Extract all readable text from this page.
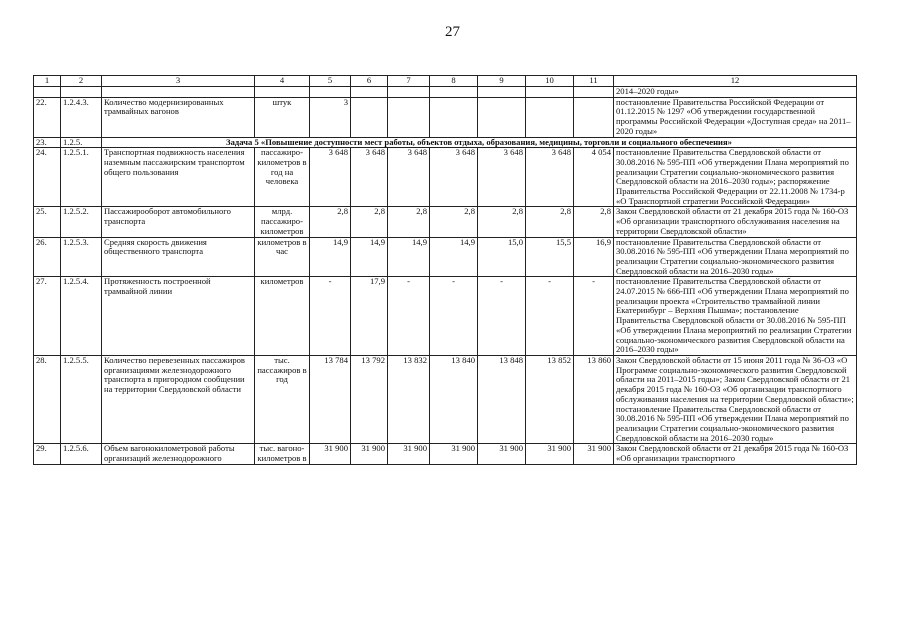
27
1	2	3	4	5	6	7	8	9	10	11	12
											2014–2020 годы»
22.	1.2.4.3.	Количество модернизированных трамвайных вагонов	штук	3							постановление Правительства Российской Федерации от 01.12.2015 № 1297 «Об утверждении государственной программы Российской Федерации «Доступная среда» на 2011–2020 годы»
23.	1.2.5.	Задача 5 «Повышение доступности мест работы, объектов отдыха, образования, медицины, торговли и социального обеспечения»									
24.	1.2.5.1.	Транспортная подвижность населения наземным пассажирским транспортом общего пользования	пассажиро-километров в год на человека	3 648	3 648	3 648	3 648	3 648	3 648	4 054	постановление Правительства Свердловской области от 30.08.2016 № 595-ПП «Об утверждении Плана мероприятий по реализации Стратегии социально-экономического развития Свердловской области на 2016–2030 годы»; распоряжение Правительства Российской Федерации от 22.11.2008 № 1734-р «О Транспортной стратегии Российской Федерации»
25.	1.2.5.2.	Пассажирооборот автомобильного транспорта	млрд. пассажиро-километров	2,8	2,8	2,8	2,8	2,8	2,8	2,8	Закон Свердловской области от 21 декабря 2015 года № 160-ОЗ «Об организации транспортного обслуживания населения на территории Свердловской области»
26.	1.2.5.3.	Средняя скорость движения общественного транспорта	километров в час	14,9	14,9	14,9	14,9	15,0	15,5	16,9	постановление Правительства Свердловской области от 30.08.2016 № 595-ПП «Об утверждении Плана мероприятий по реализации Стратегии социально-экономического развития Свердловской области на 2016–2030 годы»
27.	1.2.5.4.	Протяженность построенной трамвайной линии	километров	-	17,9	-	-	-	-	-	постановление Правительства Свердловской области от 24.07.2015 № 666-ПП «Об утверждении Плана мероприятий по реализации проекта «Строительство трамвайной линии Екатеринбург – Верхняя Пышма»; постановление Правительства Свердловской области от 30.08.2016 № 595-ПП «Об утверждении Плана мероприятий по реализации Стратегии социально-экономического развития Свердловской области на 2016–2030 годы»
28.	1.2.5.5.	Количество перевезенных пассажиров организациями железнодорожного транспорта в пригородном сообщении на территории Свердловской области	тыс. пассажиров в год	13 784	13 792	13 832	13 840	13 848	13 852	13 860	Закон Свердловской области от 15 июня 2011 года № 36-ОЗ «О Программе социально-экономического развития Свердловской области на 2011–2015 годы»; Закон Свердловской области от 21 декабря 2015 года № 160-ОЗ «Об организации транспортного обслуживания населения на территории Свердловской области»; постановление Правительства Свердловской области от 30.08.2016 № 595-ПП «Об утверждении Плана мероприятий по реализации Стратегии социально-экономического развития Свердловской области на 2016–2030 годы»
29.	1.2.5.6.	Объем вагонокилометровой работы организаций железнодорожного	тыс. вагоно-километров в	31 900	31 900	31 900	31 900	31 900	31 900	31 900	Закон Свердловской области от 21 декабря 2015 года № 160-ОЗ «Об организации транспортного
